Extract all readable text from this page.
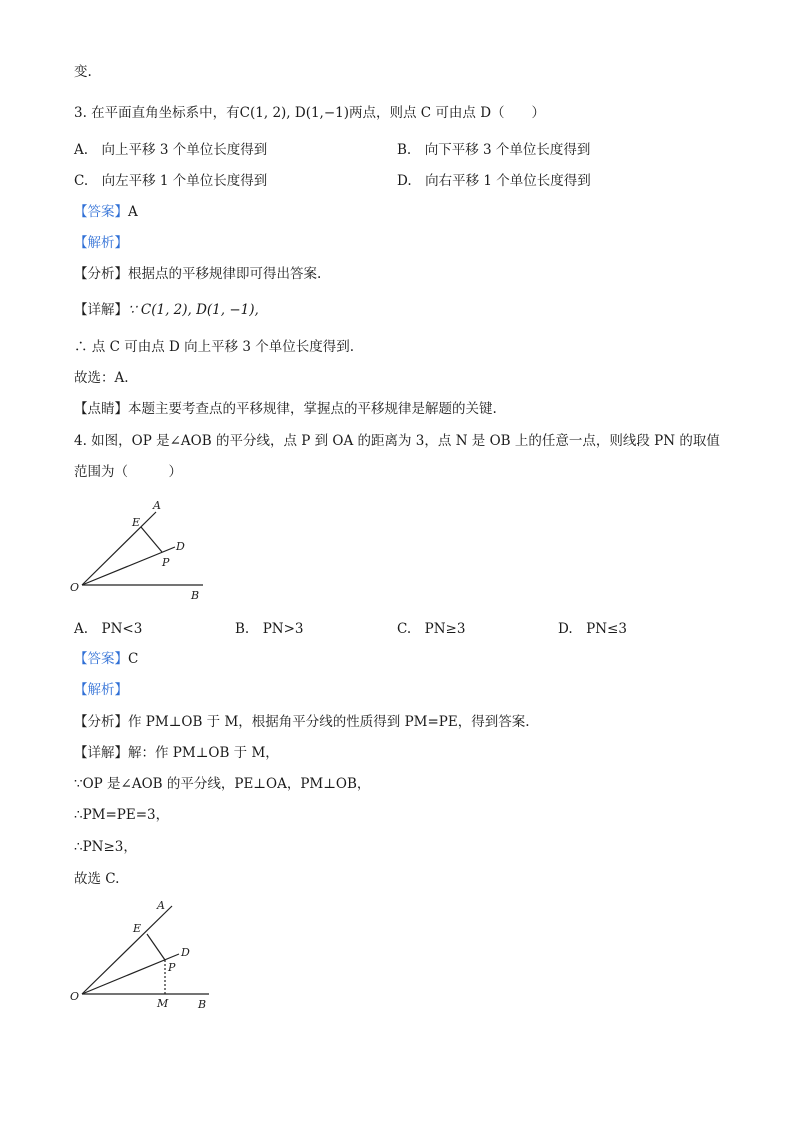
变.
3. 在平面直角坐标系中，有C(1, 2), D(1,−1)两点，则点 C 可由点 D（　　）
A.　向上平移 3 个单位长度得到	B.　向下平移 3 个单位长度得到
C.　向左平移 1 个单位长度得到	D.　向右平移 1 个单位长度得到
【答案】A
【解析】
【分析】根据点的平移规律即可得出答案.
【详解】∵ C(1, 2), D(1, −1),
∴ 点 C 可由点 D 向上平移 3 个单位长度得到.
故选：A.
【点睛】本题主要考查点的平移规律，掌握点的平移规律是解题的关键.
4. 如图，OP 是∠AOB 的平分线，点 P 到 OA 的距离为 3，点 N 是 OB 上的任意一点，则线段 PN 的取值
范围为（　　　）
A
E
D
P
O
B
A.　PN<3	B.　PN>3	C.　PN≥3	D.　PN≤3
【答案】C
【解析】
【分析】作 PM⊥OB 于 M，根据角平分线的性质得到 PM=PE，得到答案.
【详解】解：作 PM⊥OB 于 M，
∵OP 是∠AOB 的平分线，PE⊥OA，PM⊥OB，
∴PM=PE=3，
∴PN≥3，
故选 C.
A
E
D
P
O
M	B
